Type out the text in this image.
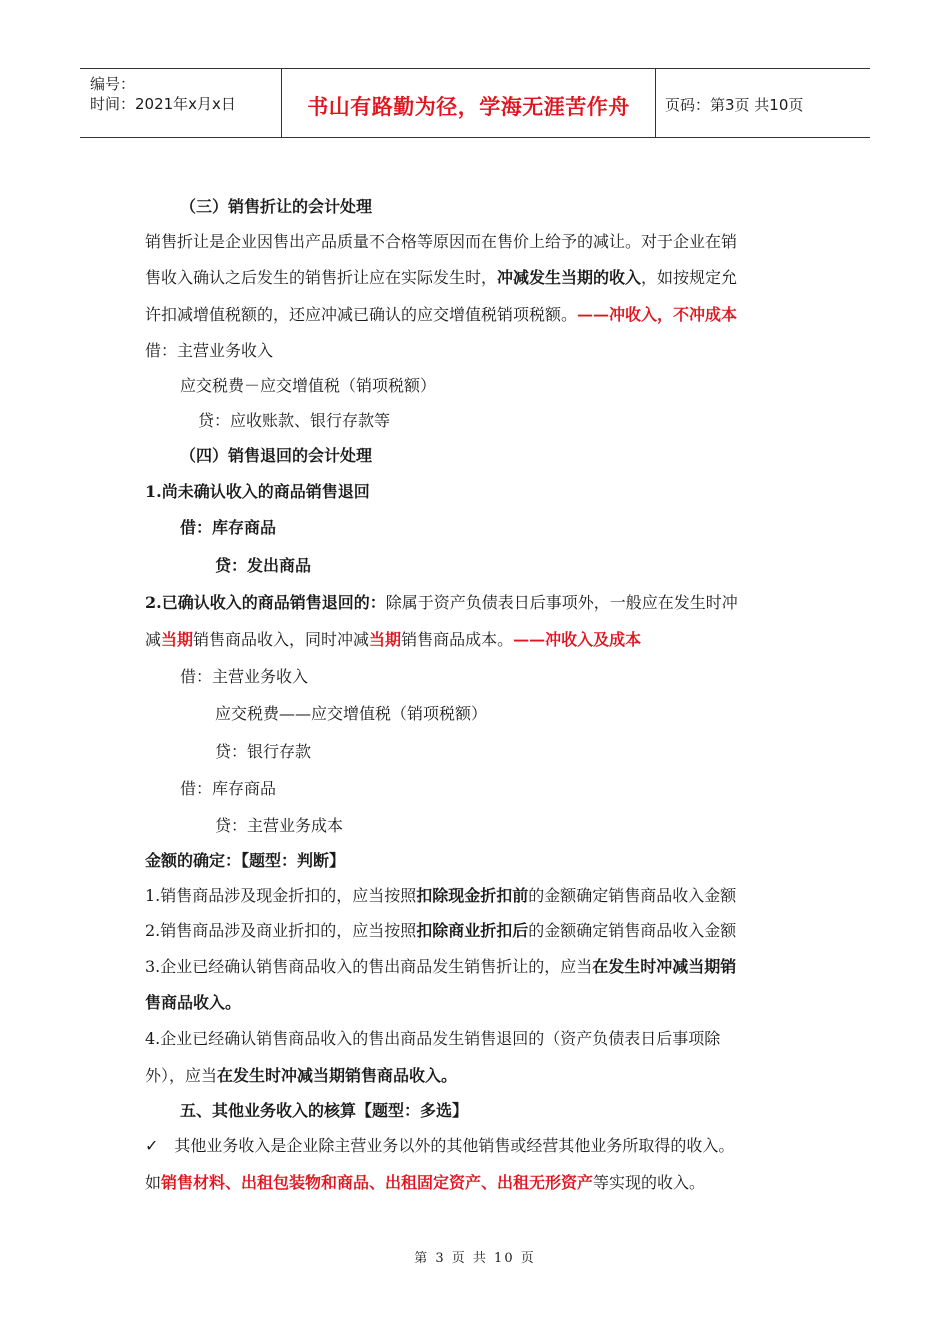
编号：
时间：2021年x月x日	书山有路勤为径，学海无涯苦作舟	页码：第3页 共10页
（三）销售折让的会计处理
销售折让是企业因售出产品质量不合格等原因而在售价上给予的减让。对于企业在销
售收入确认之后发生的销售折让应在实际发生时，冲减发生当期的收入，如按规定允
许扣减增值税额的，还应冲减已确认的应交增值税销项税额。——冲收入，不冲成本
借：主营业务收入
应交税费－应交增值税（销项税额）
贷：应收账款、银行存款等
（四）销售退回的会计处理
1.尚未确认收入的商品销售退回
借：库存商品
贷：发出商品
2.已确认收入的商品销售退回的：除属于资产负债表日后事项外，一般应在发生时冲
减当期销售商品收入，同时冲减当期销售商品成本。——冲收入及成本
借：主营业务收入
应交税费——应交增值税（销项税额）
贷：银行存款
借：库存商品
贷：主营业务成本
金额的确定：【题型：判断】
1.销售商品涉及现金折扣的，应当按照扣除现金折扣前的金额确定销售商品收入金额
2.销售商品涉及商业折扣的，应当按照扣除商业折扣后的金额确定销售商品收入金额
3.企业已经确认销售商品收入的售出商品发生销售折让的，应当在发生时冲减当期销
售商品收入。
4.企业已经确认销售商品收入的售出商品发生销售退回的（资产负债表日后事项除
外），应当在发生时冲减当期销售商品收入。
五、其他业务收入的核算【题型：多选】
✓ 其他业务收入是企业除主营业务以外的其他销售或经营其他业务所取得的收入。
如销售材料、出租包装物和商品、出租固定资产、出租无形资产等实现的收入。
第 3 页 共 10 页
